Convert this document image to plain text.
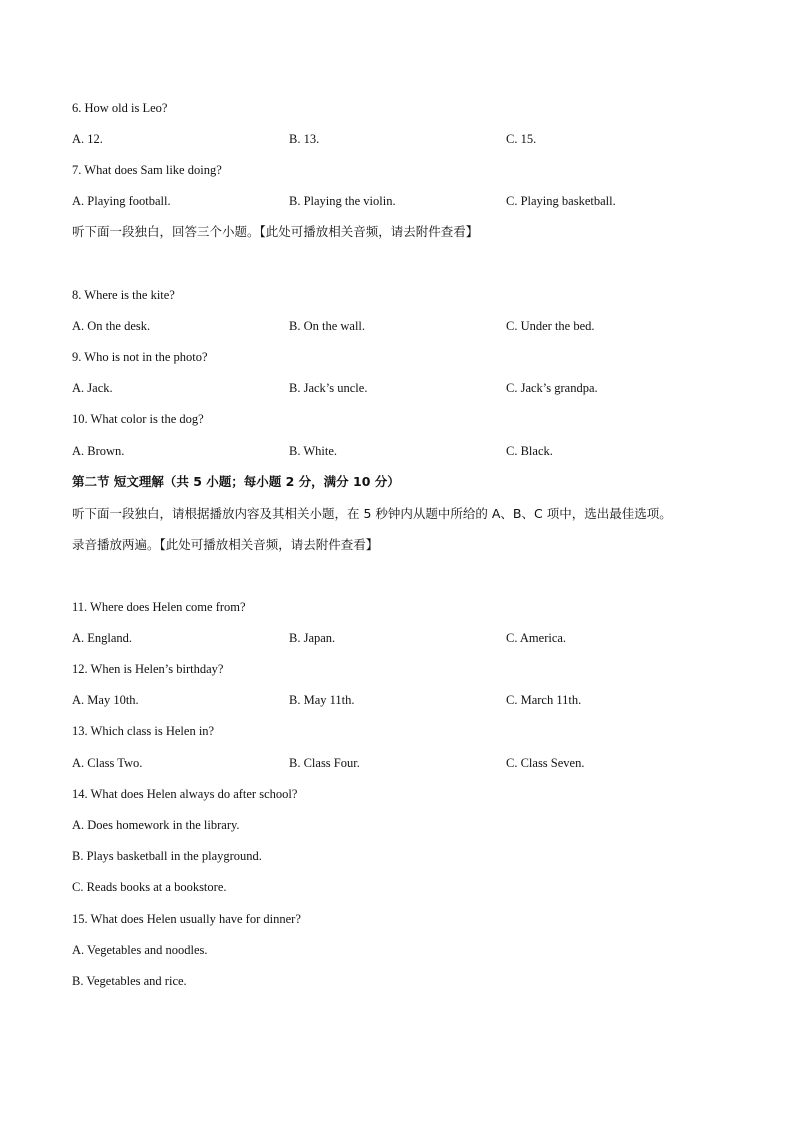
6. How old is Leo?
A. 12.	B. 13.	C. 15.
7. What does Sam like doing?
A. Playing football.	B. Playing the violin.	C. Playing basketball.
听下面一段独白，回答三个小题。【此处可播放相关音频，请去附件查看】
8. Where is the kite?
A. On the desk.	B. On the wall.	C. Under the bed.
9. Who is not in the photo?
A. Jack.	B. Jack’s uncle.	C. Jack’s grandpa.
10. What color is the dog?
A. Brown.	B. White.	C. Black.
第二节 短文理解（共 5 小题；每小题 2 分，满分 10 分）
听下面一段独白，请根据播放内容及其相关小题，在 5 秒钟内从题中所给的 A、B、C 项中，选出最佳选项。
录音播放两遍。【此处可播放相关音频，请去附件查看】
11. Where does Helen come from?
A. England.	B. Japan.	C. America.
12. When is Helen’s birthday?
A. May 10th.	B. May 11th.	C. March 11th.
13. Which class is Helen in?
A. Class Two.	B. Class Four.	C. Class Seven.
14. What does Helen always do after school?
A. Does homework in the library.
B. Plays basketball in the playground.
C. Reads books at a bookstore.
15. What does Helen usually have for dinner?
A. Vegetables and noodles.
B. Vegetables and rice.
